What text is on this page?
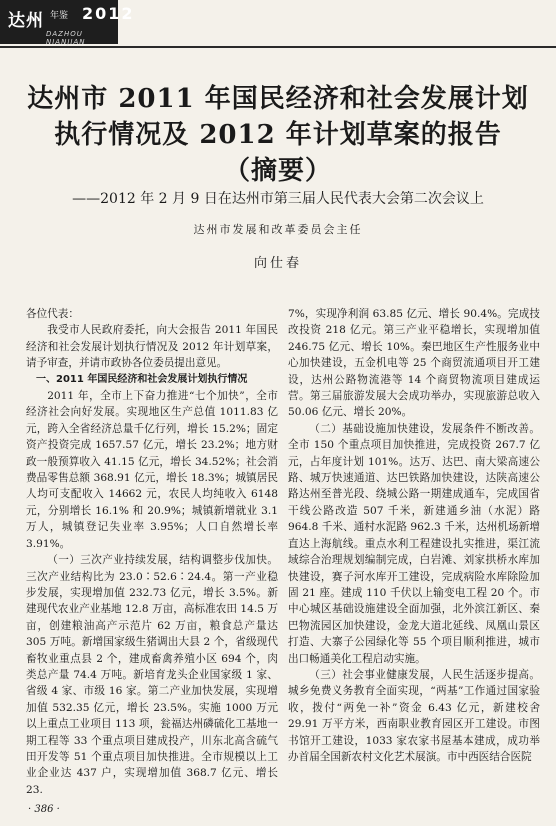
达州 年鉴 2012
DAZHOU NIANJIAN
达州市 2011 年国民经济和社会发展计划
执行情况及 2012 年计划草案的报告
（摘要）
——2012 年 2 月 9 日在达州市第三届人民代表大会第二次会议上
达州市发展和改革委员会主任
向仕春

各位代表：

我受市人民政府委托，向大会报告 2011 年国民经济和社会发展计划执行情况及 2012 年计划草案，请予审查，并请市政协各位委员提出意见。

一、2011 年国民经济和社会发展计划执行情况

2011 年，全市上下奋力推进“七个加快”，全市经济社会向好发展。实现地区生产总值 1011.83 亿元，跨入全省经济总量千亿行列，增长 15.2%；固定资产投资完成 1657.57 亿元，增长 23.2%；地方财政一般预算收入 41.15 亿元，增长 34.52%；社会消费品零售总额 368.91 亿元，增长 18.3%；城镇居民人均可支配收入 14662 元，农民人均纯收入 6148 元，分别增长 16.1% 和 20.9%；城镇新增就业 3.1 万人，城镇登记失业率 3.95%；人口自然增长率 3.91%。

（一）三次产业持续发展，结构调整步伐加快。三次产业结构比为 23.0∶52.6∶24.4。第一产业稳步发展，实现增加值 232.73 亿元，增长 3.5%。新建现代农业产业基地 12.8 万亩，高标准农田 14.5 万亩，创建粮油高产示范片 62 万亩，粮食总产量达 305 万吨。新增国家级生猪调出大县 2 个，省级现代畜牧业重点县 2 个，建成畜禽养殖小区 694 个，肉类总产量 74.4 万吨。新培育龙头企业国家级 1 家、省级 4 家、市级 16 家。第二产业加快发展，实现增加值 532.35 亿元，增长 23.5%。实施 1000 万元以上重点工业项目 113 项，瓮福达州磷硫化工基地一期工程等 33 个重点项目建成投产，川东北高含硫气田开发等 51 个重点项目加快推进。全市规模以上工业企业达 437 户，实现增加值 368.7 亿元、增长 23.

7%，实现净利润 63.85 亿元、增长 90.4%。完成技改投资 218 亿元。第三产业平稳增长，实现增加值 246.75 亿元、增长 10%。秦巴地区生产性服务业中心加快建设，五金机电等 25 个商贸流通项目开工建设，达州公路物流港等 14 个商贸物流项目建成运营。第三届旅游发展大会成功举办，实现旅游总收入 50.06 亿元、增长 20%。

（二）基础设施加快建设，发展条件不断改善。全市 150 个重点项目加快推进，完成投资 267.7 亿元，占年度计划 101%。达万、达巴、南大梁高速公路、城万快速通道、达巴铁路加快建设，达陕高速公路达州至普光段、绕城公路一期建成通车，完成国省干线公路改造 507 千米，新建通乡油（水泥）路 964.8 千米、通村水泥路 962.3 千米，达州机场新增直达上海航线。重点水利工程建设扎实推进，渠江流域综合治理规划编制完成，白岩滩、刘家拱桥水库加快建设，赛子河水库开工建设，完成病险水库除险加固 21 座。建成 110 千伏以上输变电工程 20 个。市中心城区基础设施建设全面加强，北外滨江新区、秦巴物流园区加快建设，金龙大道北延线、凤凰山景区打造、大寨子公园绿化等 55 个项目顺利推进，城市出口畅通美化工程启动实施。

（三）社会事业健康发展，人民生活逐步提高。城乡免费义务教育全面实现，“两基”工作通过国家验收，拨付“两免一补”资金 6.43 亿元，新建校舍 29.91 万平方米，西南职业教育园区开工建设。市图书馆开工建设，1033 家农家书屋基本建成，成功举办首届全国新农村文化艺术展演。市中西医结合医院

· 386 ·
